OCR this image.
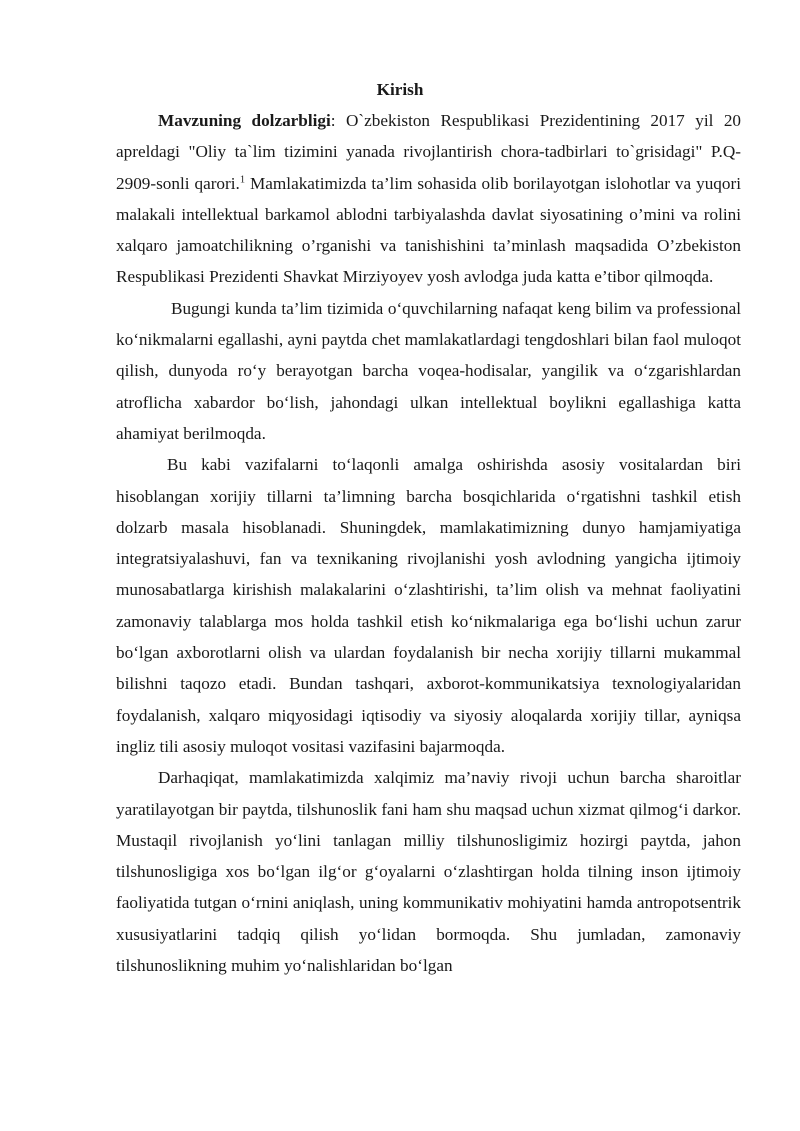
Kirish

Mavzuning dolzarbligi: O`zbekiston Respublikasi Prezidentining 2017 yil 20 apreldagi "Oliy ta`lim tizimini yanada rivojlantirish chora-tadbirlari to`grisidagi" P.Q- 2909-sonli qarori.$^1$ Mamlakatimizda ta’lim sohasida olib borilayotgan islohotlar va yuqori malakali intellektual barkamol ablodni tarbiyalashda davlat siyosatining o’mini va rolini xalqaro jamoatchilikning o’rganishi va tanishishini ta’minlash maqsadida O’zbekiston Respublikasi Prezidenti Shavkat Mirziyoyev yosh avlodga juda katta e’tibor qilmoqda.

Bugungi kunda ta’lim tizimida o‘quvchilarning nafaqat keng bilim va professional ko‘nikmalarni egallashi, ayni paytda chet mamlakatlardagi tengdoshlari bilan faol muloqot qilish, dunyoda ro‘y berayotgan barcha voqea-hodisalar, yangilik va o‘zgarishlardan atroflicha xabardor bo‘lish, jahondagi ulkan intellektual boylikni egallashiga katta ahamiyat berilmoqda.

Bu kabi vazifalarni to‘laqonli amalga oshirishda asosiy vositalardan biri hisoblangan xorijiy tillarni ta’limning barcha bosqichlarida o‘rgatishni tashkil etish dolzarb masala hisoblanadi. Shuningdek, mamlakatimizning dunyo hamjamiyatiga integratsiyalashuvi, fan va texnikaning rivojlanishi yosh avlodning yangicha ijtimoiy munosabatlarga kirishish malakalarini o‘zlashtirishi, ta’lim olish va mehnat faoliyatini zamonaviy talablarga mos holda tashkil etish ko‘nikmalariga ega bo‘lishi uchun zarur bo‘lgan axborotlarni olish va ulardan foydalanish bir necha xorijiy tillarni mukammal bilishni taqozo etadi. Bundan tashqari, axborot-kommunikatsiya texnologiyalaridan foydalanish, xalqaro miqyosidagi iqtisodiy va siyosiy aloqalarda xorijiy tillar, ayniqsa ingliz tili asosiy muloqot vositasi vazifasini bajarmoqda.

Darhaqiqat, mamlakatimizda xalqimiz ma’naviy rivoji uchun barcha sharoitlar yaratilayotgan bir paytda, tilshunoslik fani ham shu maqsad uchun xizmat qilmog‘i darkor. Mustaqil rivojlanish yo‘lini tanlagan milliy tilshunosligimiz hozirgi paytda, jahon tilshunosligiga xos bo‘lgan ilg‘or g‘oyalarni o‘zlashtirgan holda tilning inson ijtimoiy faoliyatida tutgan o‘rnini aniqlash, uning kommunikativ mohiyatini hamda antropotsentrik xususiyatlarini tadqiq qilish yo‘lidan bormoqda. Shu jumladan, zamonaviy tilshunoslikning muhim yo‘nalishlaridan bo‘lgan
